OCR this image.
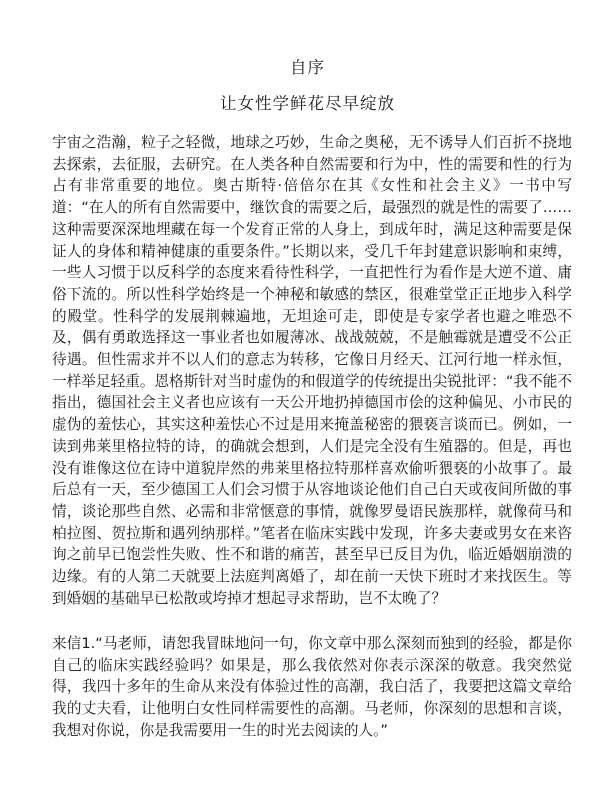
自序
让女性学鲜花尽早绽放

宇宙之浩瀚，粒子之轻微，地球之巧妙，生命之奥秘，无不诱导人们百折不挠地去探索，去征服，去研究。在人类各种自然需要和行为中，性的需要和性的行为占有非常重要的地位。奥古斯特·倍倍尔在其《女性和社会主义》一书中写道：“在人的所有自然需要中，继饮食的需要之后，最强烈的就是性的需要了……这种需要深深地埋藏在每一个发育正常的人身上，到成年时，满足这种需要是保证人的身体和精神健康的重要条件。”长期以来，受几千年封建意识影响和束缚，一些人习惯于以反科学的态度来看待性科学，一直把性行为看作是大逆不道、庸俗下流的。所以性科学始终是一个神秘和敏感的禁区，很难堂堂正正地步入科学的殿堂。性科学的发展荆棘遍地，无坦途可走，即使是专家学者也避之唯恐不及，偶有勇敢选择这一事业者也如履薄冰、战战兢兢，不是触霉就是遭受不公正待遇。但性需求并不以人们的意志为转移，它像日月经天、江河行地一样永恒，一样举足轻重。恩格斯针对当时虚伪的和假道学的传统提出尖锐批评：“我不能不指出，德国社会主义者也应该有一天公开地扔掉德国市侩的这种偏见、小市民的虚伪的羞怯心，其实这种羞怯心不过是用来掩盖秘密的猥亵言谈而已。例如，一读到弗莱里格拉特的诗，的确就会想到，人们是完全没有生殖器的。但是，再也没有谁像这位在诗中道貌岸然的弗莱里格拉特那样喜欢偷听猥亵的小故事了。最后总有一天，至少德国工人们会习惯于从容地谈论他们自己白天或夜间所做的事情，谈论那些自然、必需和非常惬意的事情，就像罗曼语民族那样，就像荷马和柏拉图、贺拉斯和遇列纳那样。”笔者在临床实践中发现，许多夫妻或男女在来咨询之前早已饱尝性失败、性不和谐的痛苦，甚至早已反目为仇，临近婚姻崩溃的边缘。有的人第二天就要上法庭判离婚了，却在前一天快下班时才来找医生。等到婚姻的基础早已松散或垮掉才想起寻求帮助，岂不太晚了？

来信1.“马老师，请恕我冒昧地问一句，你文章中那么深刻而独到的经验，都是你自己的临床实践经验吗？如果是，那么我依然对你表示深深的敬意。我突然觉得，我四十多年的生命从来没有体验过性的高潮，我白活了，我要把这篇文章给我的丈夫看，让他明白女性同样需要性的高潮。马老师，你深刻的思想和言谈，我想对你说，你是我需要用一生的时光去阅读的人。”
